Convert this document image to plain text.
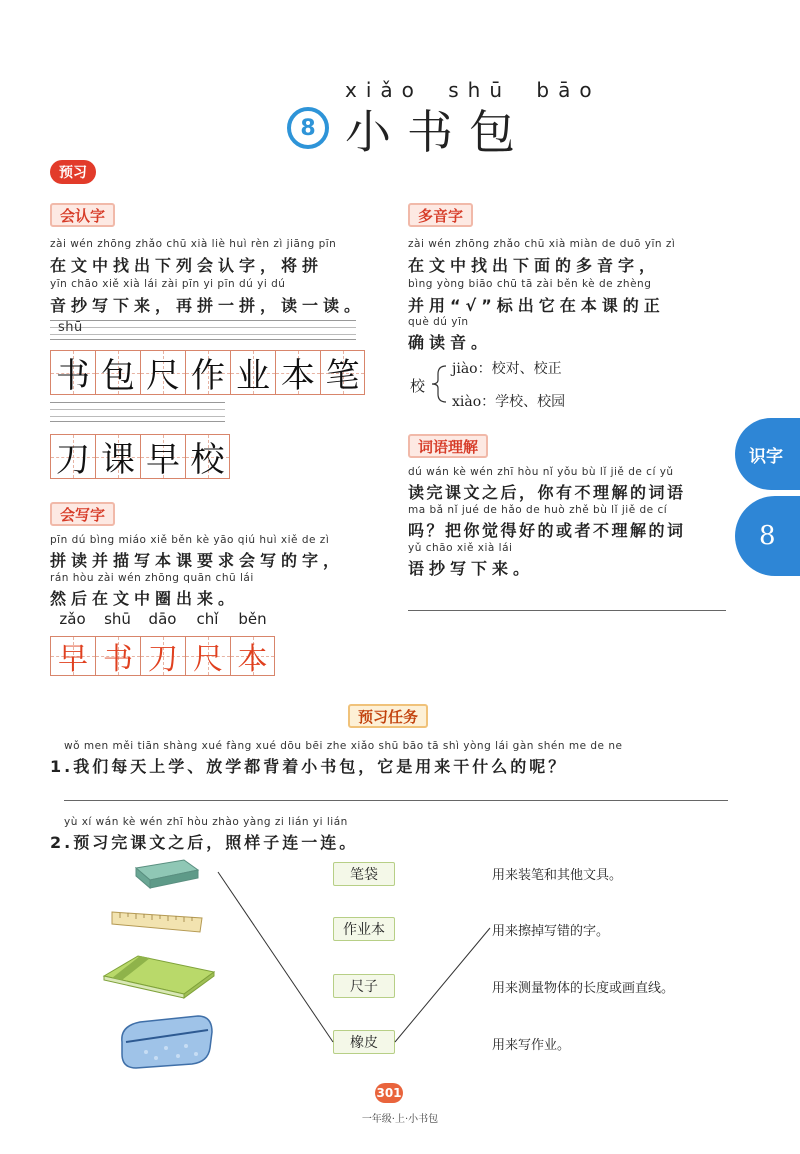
xiǎo shū bāo
8 小书包
预习
会认字
zài wén zhōng zhǎo chū xià liè huì rèn zì jiāng pīn
在文中找出下列会认字，将拼
yīn chāo xiě xià lái zài pīn yi pīn dú yi dú
音抄写下来，再拼一拼，读一读。
shū
书 包 尺 作 业 本 笔
刀 课 早 校
会写字
pīn dú bìng miáo xiě běn kè yāo qiú huì xiě de zì
拼读并描写本课要求会写的字，
rán hòu zài wén zhōng quān chū lái
然后在文中圈出来。
zǎo	shū	dāo	chǐ	běn
早 书 刀 尺 本
多音字
zài wén zhōng zhǎo chū xià miàn de duō yīn zì
在文中找出下面的多音字，
bìng yòng biāo chū tā zài běn kè de zhèng
并用“√”标出它在本课的正
què dú yīn
确读音。
校
jiào：校对、校正
xiào：学校、校园
词语理解
dú wán kè wén zhī hòu nǐ yǒu bù lǐ jiě de cí yǔ
读完课文之后，你有不理解的词语
ma bǎ nǐ jué de hǎo de huò zhě bù lǐ jiě de cí
吗？把你觉得好的或者不理解的词
yǔ chāo xiě xià lái
语抄写下来。
识字
8
预习任务
wǒ men měi tiān shàng xué fàng xué dōu bēi zhe xiǎo shū bāo tā shì yòng lái gàn shén me de ne
1.我们每天上学、放学都背着小书包，它是用来干什么的呢？
yù xí wán kè wén zhī hòu zhào yàng zi lián yi lián
2.预习完课文之后，照样子连一连。
笔袋
作业本
尺子
橡皮
用来装笔和其他文具。
用来擦掉写错的字。
用来测量物体的长度或画直线。
用来写作业。
301
一年级·上·小书包
